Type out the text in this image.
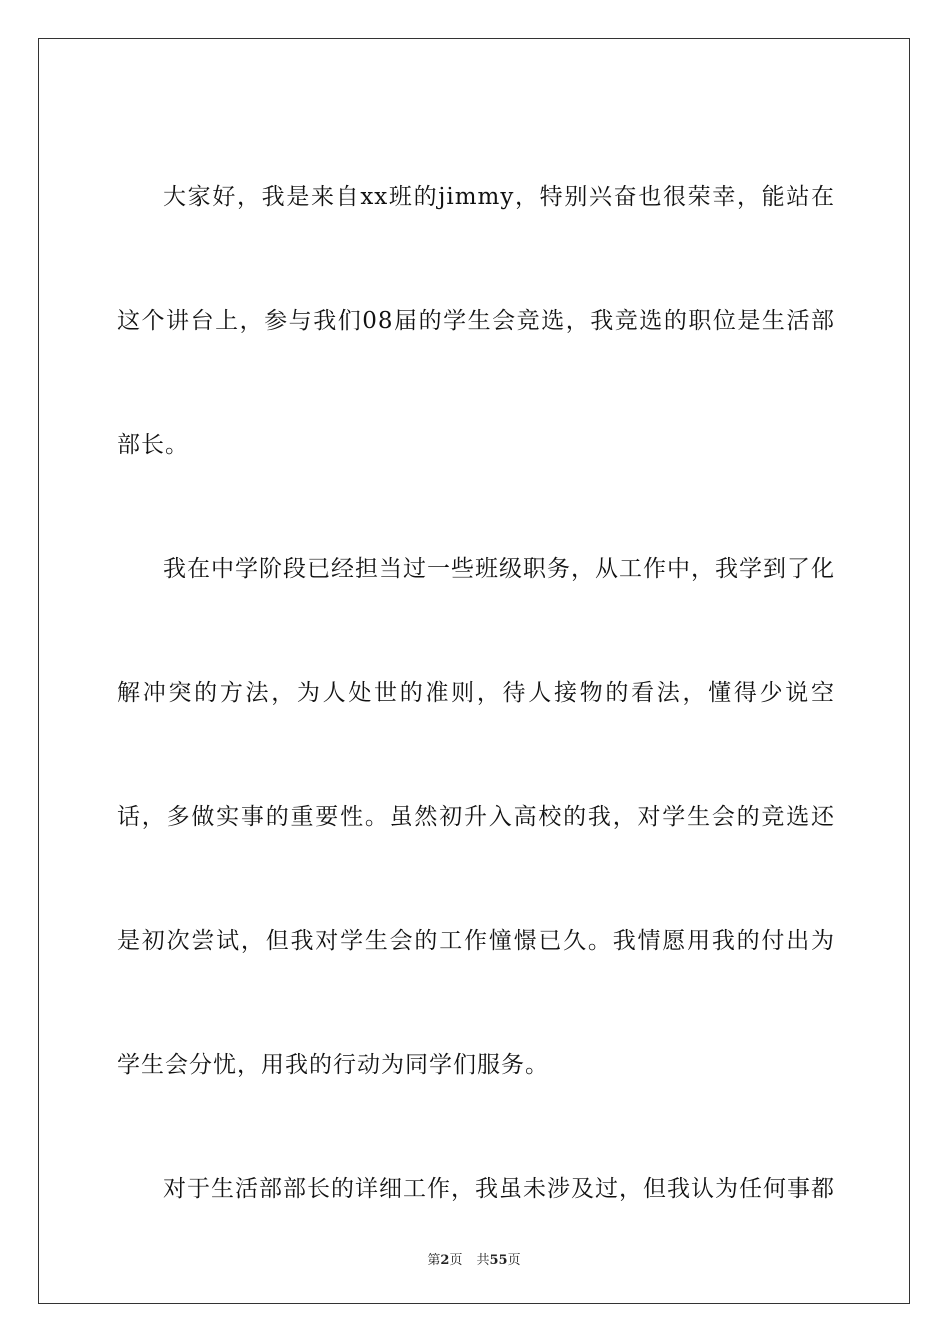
大家好，我是来自xx班的jimmy，特别兴奋也很荣幸，能站在这个讲台上，参与我们08届的学生会竞选，我竞选的职位是生活部部长。

我在中学阶段已经担当过一些班级职务，从工作中，我学到了化解冲突的方法，为人处世的准则，待人接物的看法，懂得少说空话，多做实事的重要性。虽然初升入高校的我，对学生会的竞选还是初次尝试，但我对学生会的工作憧憬已久。我情愿用我的付出为学生会分忧，用我的行动为同学们服务。

对于生活部部长的详细工作，我虽未涉及过，但我认为任何事都

第2页 共55页
